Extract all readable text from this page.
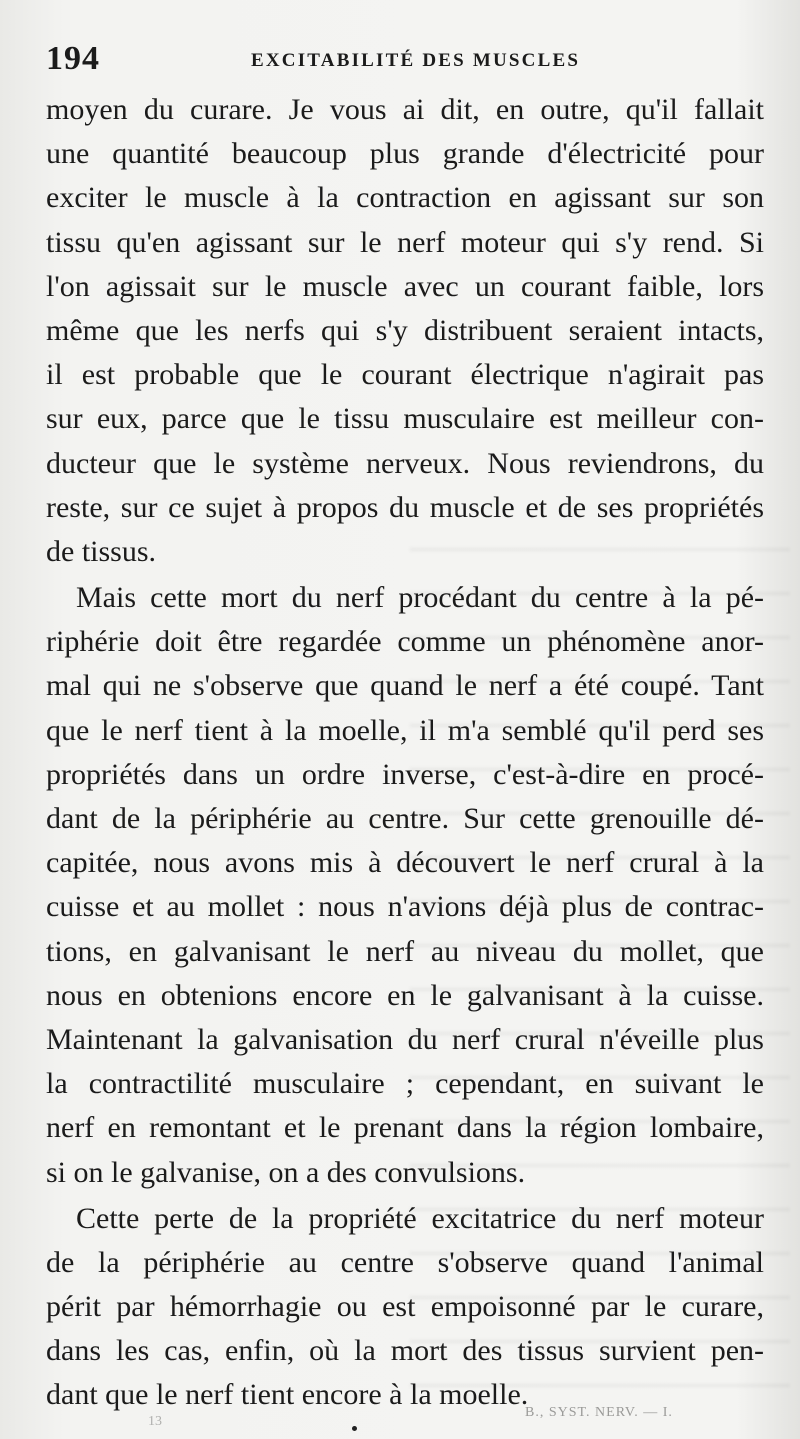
194	EXCITABILITÉ DES MUSCLES
moyen du curare. Je vous ai dit, en outre, qu'il fallait
une quantité beaucoup plus grande d'électricité pour
exciter le muscle à la contraction en agissant sur son
tissu qu'en agissant sur le nerf moteur qui s'y rend. Si
l'on agissait sur le muscle avec un courant faible, lors
même que les nerfs qui s'y distribuent seraient intacts,
il est probable que le courant électrique n'agirait pas
sur eux, parce que le tissu musculaire est meilleur con-
ducteur que le système nerveux. Nous reviendrons, du
reste, sur ce sujet à propos du muscle et de ses propriétés
de tissus.
Mais cette mort du nerf procédant du centre à la pé-
riphérie doit être regardée comme un phénomène anor-
mal qui ne s'observe que quand le nerf a été coupé. Tant
que le nerf tient à la moelle, il m'a semblé qu'il perd ses
propriétés dans un ordre inverse, c'est-à-dire en procé-
dant de la périphérie au centre. Sur cette grenouille dé-
capitée, nous avons mis à découvert le nerf crural à la
cuisse et au mollet : nous n'avions déjà plus de contrac-
tions, en galvanisant le nerf au niveau du mollet, que
nous en obtenions encore en le galvanisant à la cuisse.
Maintenant la galvanisation du nerf crural n'éveille plus
la contractilité musculaire ; cependant, en suivant le
nerf en remontant et le prenant dans la région lombaire,
si on le galvanise, on a des convulsions.
Cette perte de la propriété excitatrice du nerf moteur
de la périphérie au centre s'observe quand l'animal
périt par hémorrhagie ou est empoisonné par le curare,
dans les cas, enfin, où la mort des tissus survient pen-
dant que le nerf tient encore à la moelle.
13
B., SYST. NERV. — I.
